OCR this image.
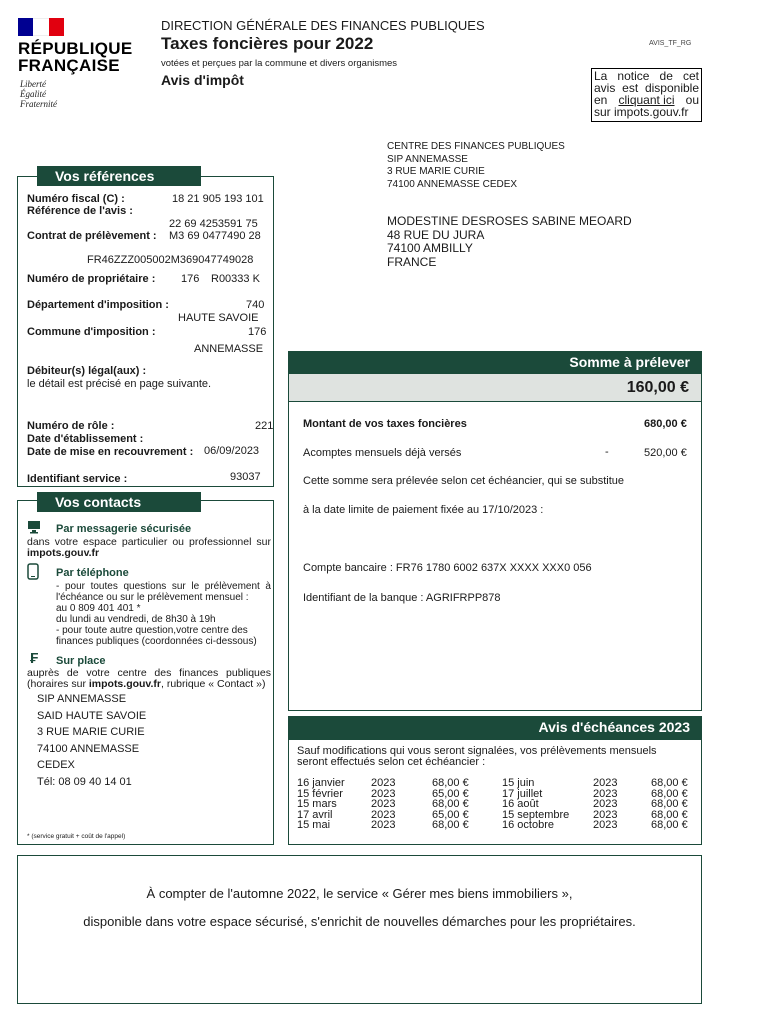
RÉPUBLIQUE
FRANÇAISE
Liberté
Égalité
Fraternité
DIRECTION GÉNÉRALE DES FINANCES PUBLIQUES
Taxes foncières pour 2022
votées et perçues par la commune et divers organismes
Avis d'impôt
AVIS_TF_RG
La notice de cet
avis est disponible
en cliquant ici ou
sur impots.gouv.fr
CENTRE DES FINANCES PUBLIQUES
SIP ANNEMASSE
3 RUE MARIE CURIE
74100 ANNEMASSE CEDEX
MODESTINE DESROSES SABINE MEOARD
48 RUE DU JURA
74100 AMBILLY
FRANCE
Vos références
Numéro fiscal (C) :	18 21 905 193 101
Référence de l'avis :
22 69 4253591 75
Contrat de prélèvement : M3 69 0477490 28
FR46ZZZ005002M369047749028
Numéro de propriétaire : 176 R00333 K
Département d'imposition :	740
HAUTE SAVOIE
Commune d'imposition :	176
ANNEMASSE
Débiteur(s) légal(aux) :
le détail est précisé en page suivante.
Numéro de rôle :	221
Date d'établissement :
Date de mise en recouvrement : 06/09/2023
Identifiant service :	93037
Vos contacts
Par messagerie sécurisée
dans votre espace particulier ou professionnel sur
impots.gouv.fr
Par téléphone
- pour toutes questions sur le prélèvement à
l'échéance ou sur le prélèvement mensuel :
au 0 809 401 401 *
du lundi au vendredi, de 8h30 à 19h
- pour toute autre question,votre centre des
finances publiques (coordonnées ci-dessous)
₣ Sur place
auprès de votre centre des finances publiques
(horaires sur impots.gouv.fr, rubrique « Contact »)
SIP ANNEMASSE
SAID HAUTE SAVOIE
3 RUE MARIE CURIE
74100 ANNEMASSE
CEDEX
Tél: 08 09 40 14 01
* (service gratuit + coût de l'appel)
Somme à prélever
160,00 €
Montant de vos taxes foncières	680,00 €
Acomptes mensuels déjà versés	-	520,00 €
Cette somme sera prélevée selon cet échéancier, qui se substitue
à la date limite de paiement fixée au 17/10/2023 :
Compte bancaire : FR76 1780 6002 637X XXXX XXX0 056
Identifiant de la banque : AGRIFRPP878
Avis d'échéances 2023
Sauf modifications qui vous seront signalées, vos prélèvements mensuels
seront effectués selon cet échéancier :
16 janvier 2023	68,00 €
15 février	2023	65,00 €
15 mars	2023	68,00 €
17 avril	2023	65,00 €
15 mai	2023	68,00 €
15 juin	2023	68,00 €
17 juillet	2023	68,00 €
16 août	2023	68,00 €
15 septembre 2023	68,00 €
16 octobre	2023	68,00 €
À compter de l'automne 2022, le service « Gérer mes biens immobiliers »,
disponible dans votre espace sécurisé, s'enrichit de nouvelles démarches pour les propriétaires.
